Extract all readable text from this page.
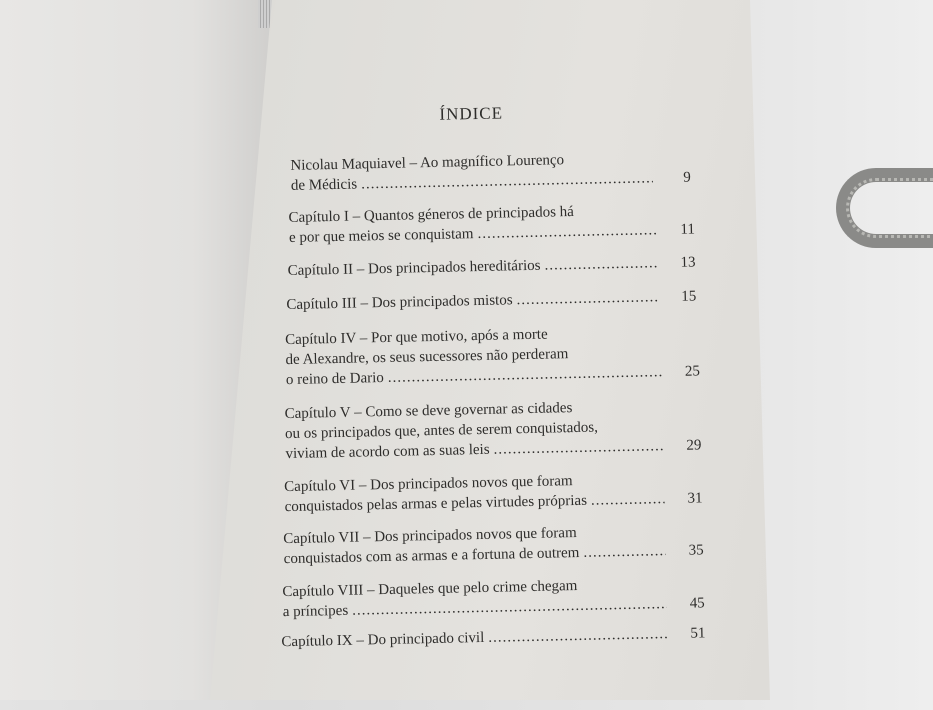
ÍNDICE
Nicolau Maquiavel – Ao magnífico Lourenço
de Médicis .....	9
Capítulo I – Quantos géneros de principados há
e por que meios se conquistam .....	11
Capítulo II – Dos principados hereditários .....	13
Capítulo III – Dos principados mistos .....	15
Capítulo IV – Por que motivo, após a morte
de Alexandre, os seus sucessores não perderam
o reino de Dario .....	25
Capítulo V – Como se deve governar as cidades
ou os principados que, antes de serem conquistados,
viviam de acordo com as suas leis .....	29
Capítulo VI – Dos principados novos que foram
conquistados pelas armas e pelas virtudes próprias .....	31
Capítulo VII – Dos principados novos que foram
conquistados com as armas e a fortuna de outrem .....	35
Capítulo VIII – Daqueles que pelo crime chegam
a príncipes .....	45
Capítulo IX – Do principado civil .....	51
